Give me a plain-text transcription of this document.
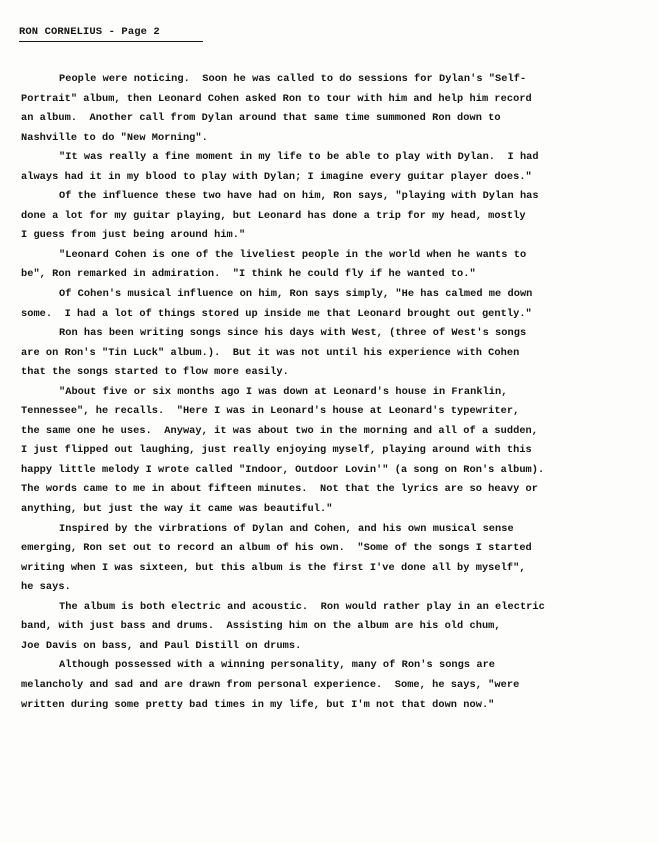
RON CORNELIUS - Page 2
People were noticing.  Soon he was called to do sessions for Dylan's "Self-
Portrait" album, then Leonard Cohen asked Ron to tour with him and help him record
an album.  Another call from Dylan around that same time summoned Ron down to
Nashville to do "New Morning".
"It was really a fine moment in my life to be able to play with Dylan.  I had
always had it in my blood to play with Dylan; I imagine every guitar player does."
Of the influence these two have had on him, Ron says, "playing with Dylan has
done a lot for my guitar playing, but Leonard has done a trip for my head, mostly
I guess from just being around him."
"Leonard Cohen is one of the liveliest people in the world when he wants to
be", Ron remarked in admiration.  "I think he could fly if he wanted to."
Of Cohen's musical influence on him, Ron says simply, "He has calmed me down
some.  I had a lot of things stored up inside me that Leonard brought out gently."
Ron has been writing songs since his days with West, (three of West's songs
are on Ron's "Tin Luck" album.).  But it was not until his experience with Cohen
that the songs started to flow more easily.
"About five or six months ago I was down at Leonard's house in Franklin,
Tennessee", he recalls.  "Here I was in Leonard's house at Leonard's typewriter,
the same one he uses.  Anyway, it was about two in the morning and all of a sudden,
I just flipped out laughing, just really enjoying myself, playing around with this
happy little melody I wrote called "Indoor, Outdoor Lovin'" (a song on Ron's album).
The words came to me in about fifteen minutes.  Not that the lyrics are so heavy or
anything, but just the way it came was beautiful."
Inspired by the virbrations of Dylan and Cohen, and his own musical sense
emerging, Ron set out to record an album of his own.  "Some of the songs I started
writing when I was sixteen, but this album is the first I've done all by myself",
he says.
The album is both electric and acoustic.  Ron would rather play in an electric
band, with just bass and drums.  Assisting him on the album are his old chum,
Joe Davis on bass, and Paul Distill on drums.
Although possessed with a winning personality, many of Ron's songs are
melancholy and sad and are drawn from personal experience.  Some, he says, "were
written during some pretty bad times in my life, but I'm not that down now."
